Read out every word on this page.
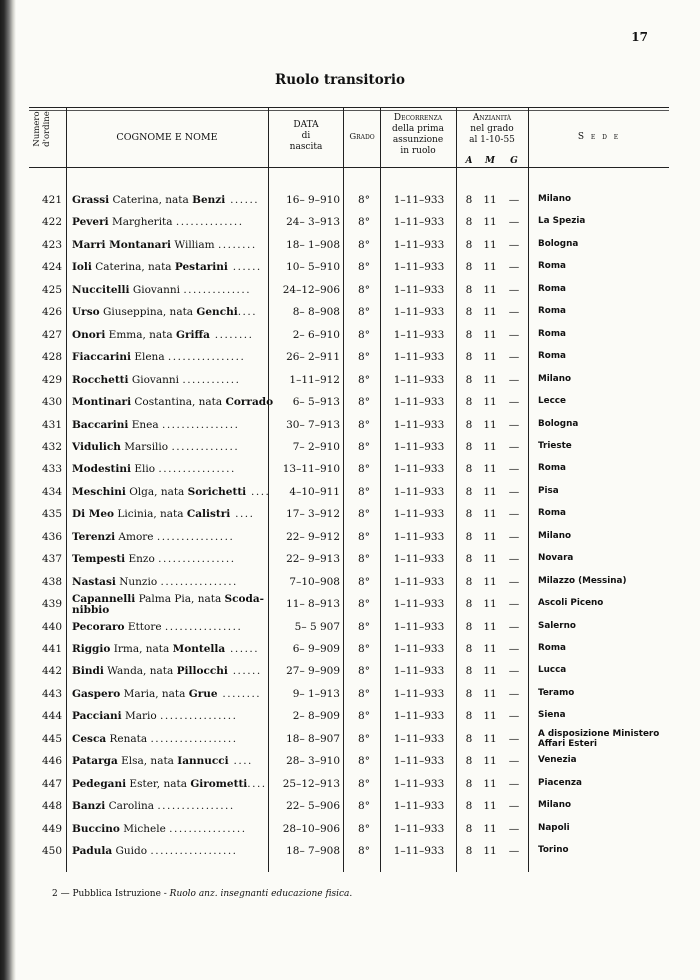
17
Ruolo transitorio
Numero d'ordine	COGNOME E NOME
DATA
di
nascita
Grado
Decorrenza
della prima
assunzione
in ruolo
Anzianità
nel grado
al 1-10-55
A	M	G
S e d e
421 Grassi Caterina, nata Benzi ......	16– 9–910	8°	1–11–933	8	11	—	Milano
422 Peveri Margherita ..............	24– 3–913	8°	1–11–933	8	11	—	La Spezia
423 Marri Montanari William ........	18– 1–908	8°	1–11–933	8	11	—	Bologna
424 Ioli Caterina, nata Pestarini ......	10– 5–910	8°	1–11–933	8	11	—	Roma
425 Nuccitelli Giovanni ..............	24–12–906	8°	1–11–933	8	11	—	Roma
426 Urso Giuseppina, nata Genchi....	8– 8–908	8°	1–11–933	8	11	—	Roma
427 Onori Emma, nata Griffa ........	2– 6–910	8°	1–11–933	8	11	—	Roma
428 Fiaccarini Elena ................	26– 2–911	8°	1–11–933	8	11	—	Roma
429 Rocchetti Giovanni ............	1–11–912	8°	1–11–933	8	11	—	Milano
430 Montinari Costantina, nata Corrado	6– 5–913	8°	1–11–933	8	11	—	Lecce
431 Baccarini Enea ................	30– 7–913	8°	1–11–933	8	11	—	Bologna
432 Vidulich Marsilio ..............	7– 2–910	8°	1–11–933	8	11	—	Trieste
433 Modestini Elio ................	13–11–910	8°	1–11–933	8	11	—	Roma
434 Meschini Olga, nata Sorichetti ....	4–10–911	8°	1–11–933	8	11	—	Pisa
435 Di Meo Licinia, nata Calistri ....	17– 3–912	8°	1–11–933	8	11	—	Roma
436 Terenzi Amore ................	22– 9–912	8°	1–11–933	8	11	—	Milano
437 Tempesti Enzo ................	22– 9–913	8°	1–11–933	8	11	—	Novara
438 Nastasi Nunzio ................	7–10–908	8°	1–11–933	8	11	—	Milazzo (Messina)
439 Capannelli Palma Pia, nata Scoda- nibbio	11– 8–913	8°	1–11–933	8	11	—	Ascoli Piceno
440 Pecoraro Ettore ................	5– 5 907	8°	1–11–933	8	11	—	Salerno
441 Riggio Irma, nata Montella ......	6– 9–909	8°	1–11–933	8	11	—	Roma
442 Bindi Wanda, nata Pillocchi ......	27– 9–909	8°	1–11–933	8	11	—	Lucca
443 Gaspero Maria, nata Grue ........	9– 1–913	8°	1–11–933	8	11	—	Teramo
444 Pacciani Mario ................	2– 8–909	8°	1–11–933	8	11	—	Siena
445 Cesca Renata ..................	18– 8–907	8°	1–11–933	8	11	—	A disposizione Ministero Affari Esteri
446 Patarga Elsa, nata Iannucci ....	28– 3–910	8°	1–11–933	8	11	—	Venezia
447 Pedegani Ester, nata Girometti....	25–12–913	8°	1–11–933	8	11	—	Piacenza
448 Banzi Carolina ................	22– 5–906	8°	1–11–933	8	11	—	Milano
449 Buccino Michele ................	28–10–906	8°	1–11–933	8	11	—	Napoli
450 Padula Guido ..................	18– 7–908	8°	1–11–933	8	11	—	Torino
2 — Pubblica Istruzione - Ruolo anz. insegnanti educazione fisica.
